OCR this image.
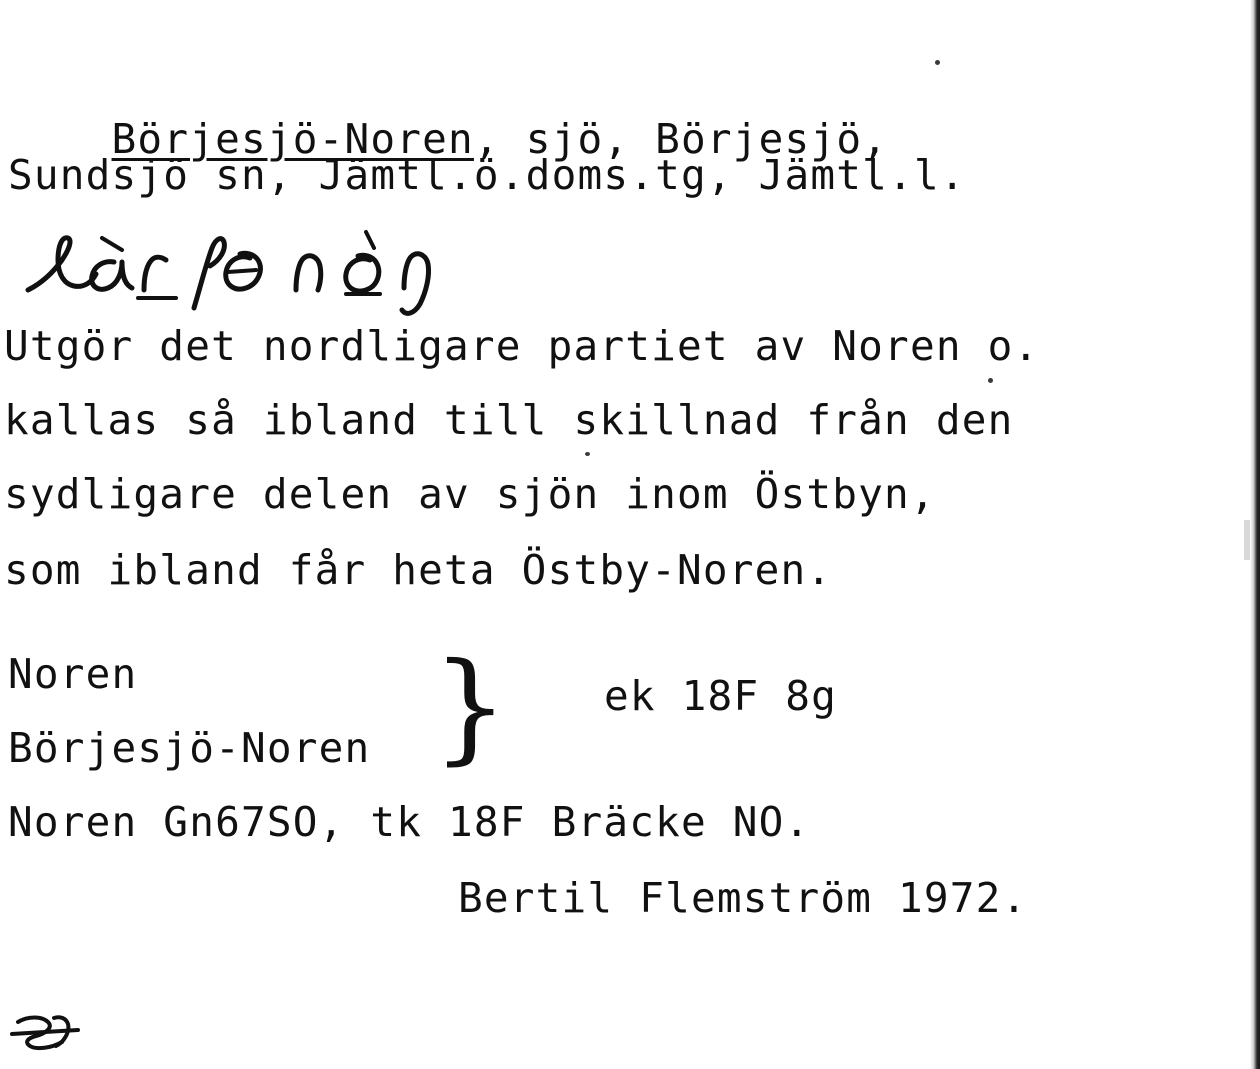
Börjesjö-Noren, sjö, Börjesjö,

Sundsjö sn, Jämtl.ö.doms.tg, Jämtl.l.
Utgör det nordligare partiet av Noren o.
kallas så ibland till skillnad från den
sydligare delen av sjön inom Östbyn,
som ibland får heta Östby-Noren.
Noren
Börjesjö-Noren } ek 18F 8g
Noren Gn67SO, tk 18F Bräcke NO.
Bertil Flemström 1972.
